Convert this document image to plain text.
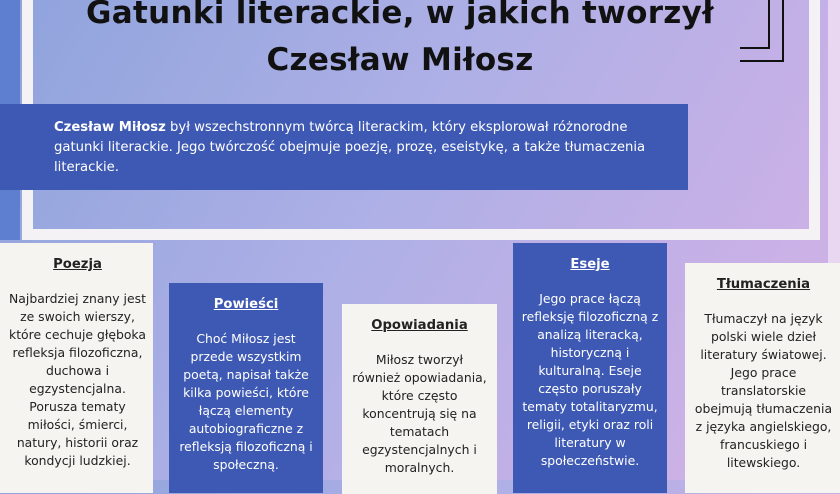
Gatunki literackie, w jakich tworzył
Czesław Miłosz
Czesław Miłosz był wszechstronnym twórcą literackim, który eksplorował różnorodne gatunki literackie. Jego twórczość obejmuje poezję, prozę, eseistykę, a także tłumaczenia literackie.
Poezja
Najbardziej znany jest ze swoich wierszy, które cechuje głęboka refleksja filozoficzna, duchowa i egzystencjalna. Porusza tematy miłości, śmierci, natury, historii oraz kondycji ludzkiej.
Powieści
Choć Miłosz jest przede wszystkim poetą, napisał także kilka powieści, które łączą elementy autobiograficzne z refleksją filozoficzną i społeczną.
Opowiadania
Miłosz tworzył również opowiadania, które często koncentrują się na tematach egzystencjalnych i moralnych.
Eseje
Jego prace łączą refleksję filozoficzną z analizą literacką, historyczną i kulturalną. Eseje często poruszały tematy totalitaryzmu, religii, etyki oraz roli literatury w społeczeństwie.
Tłumaczenia
Tłumaczył na język polski wiele dzieł literatury światowej. Jego prace translatorskie obejmują tłumaczenia z języka angielskiego, francuskiego i litewskiego.
